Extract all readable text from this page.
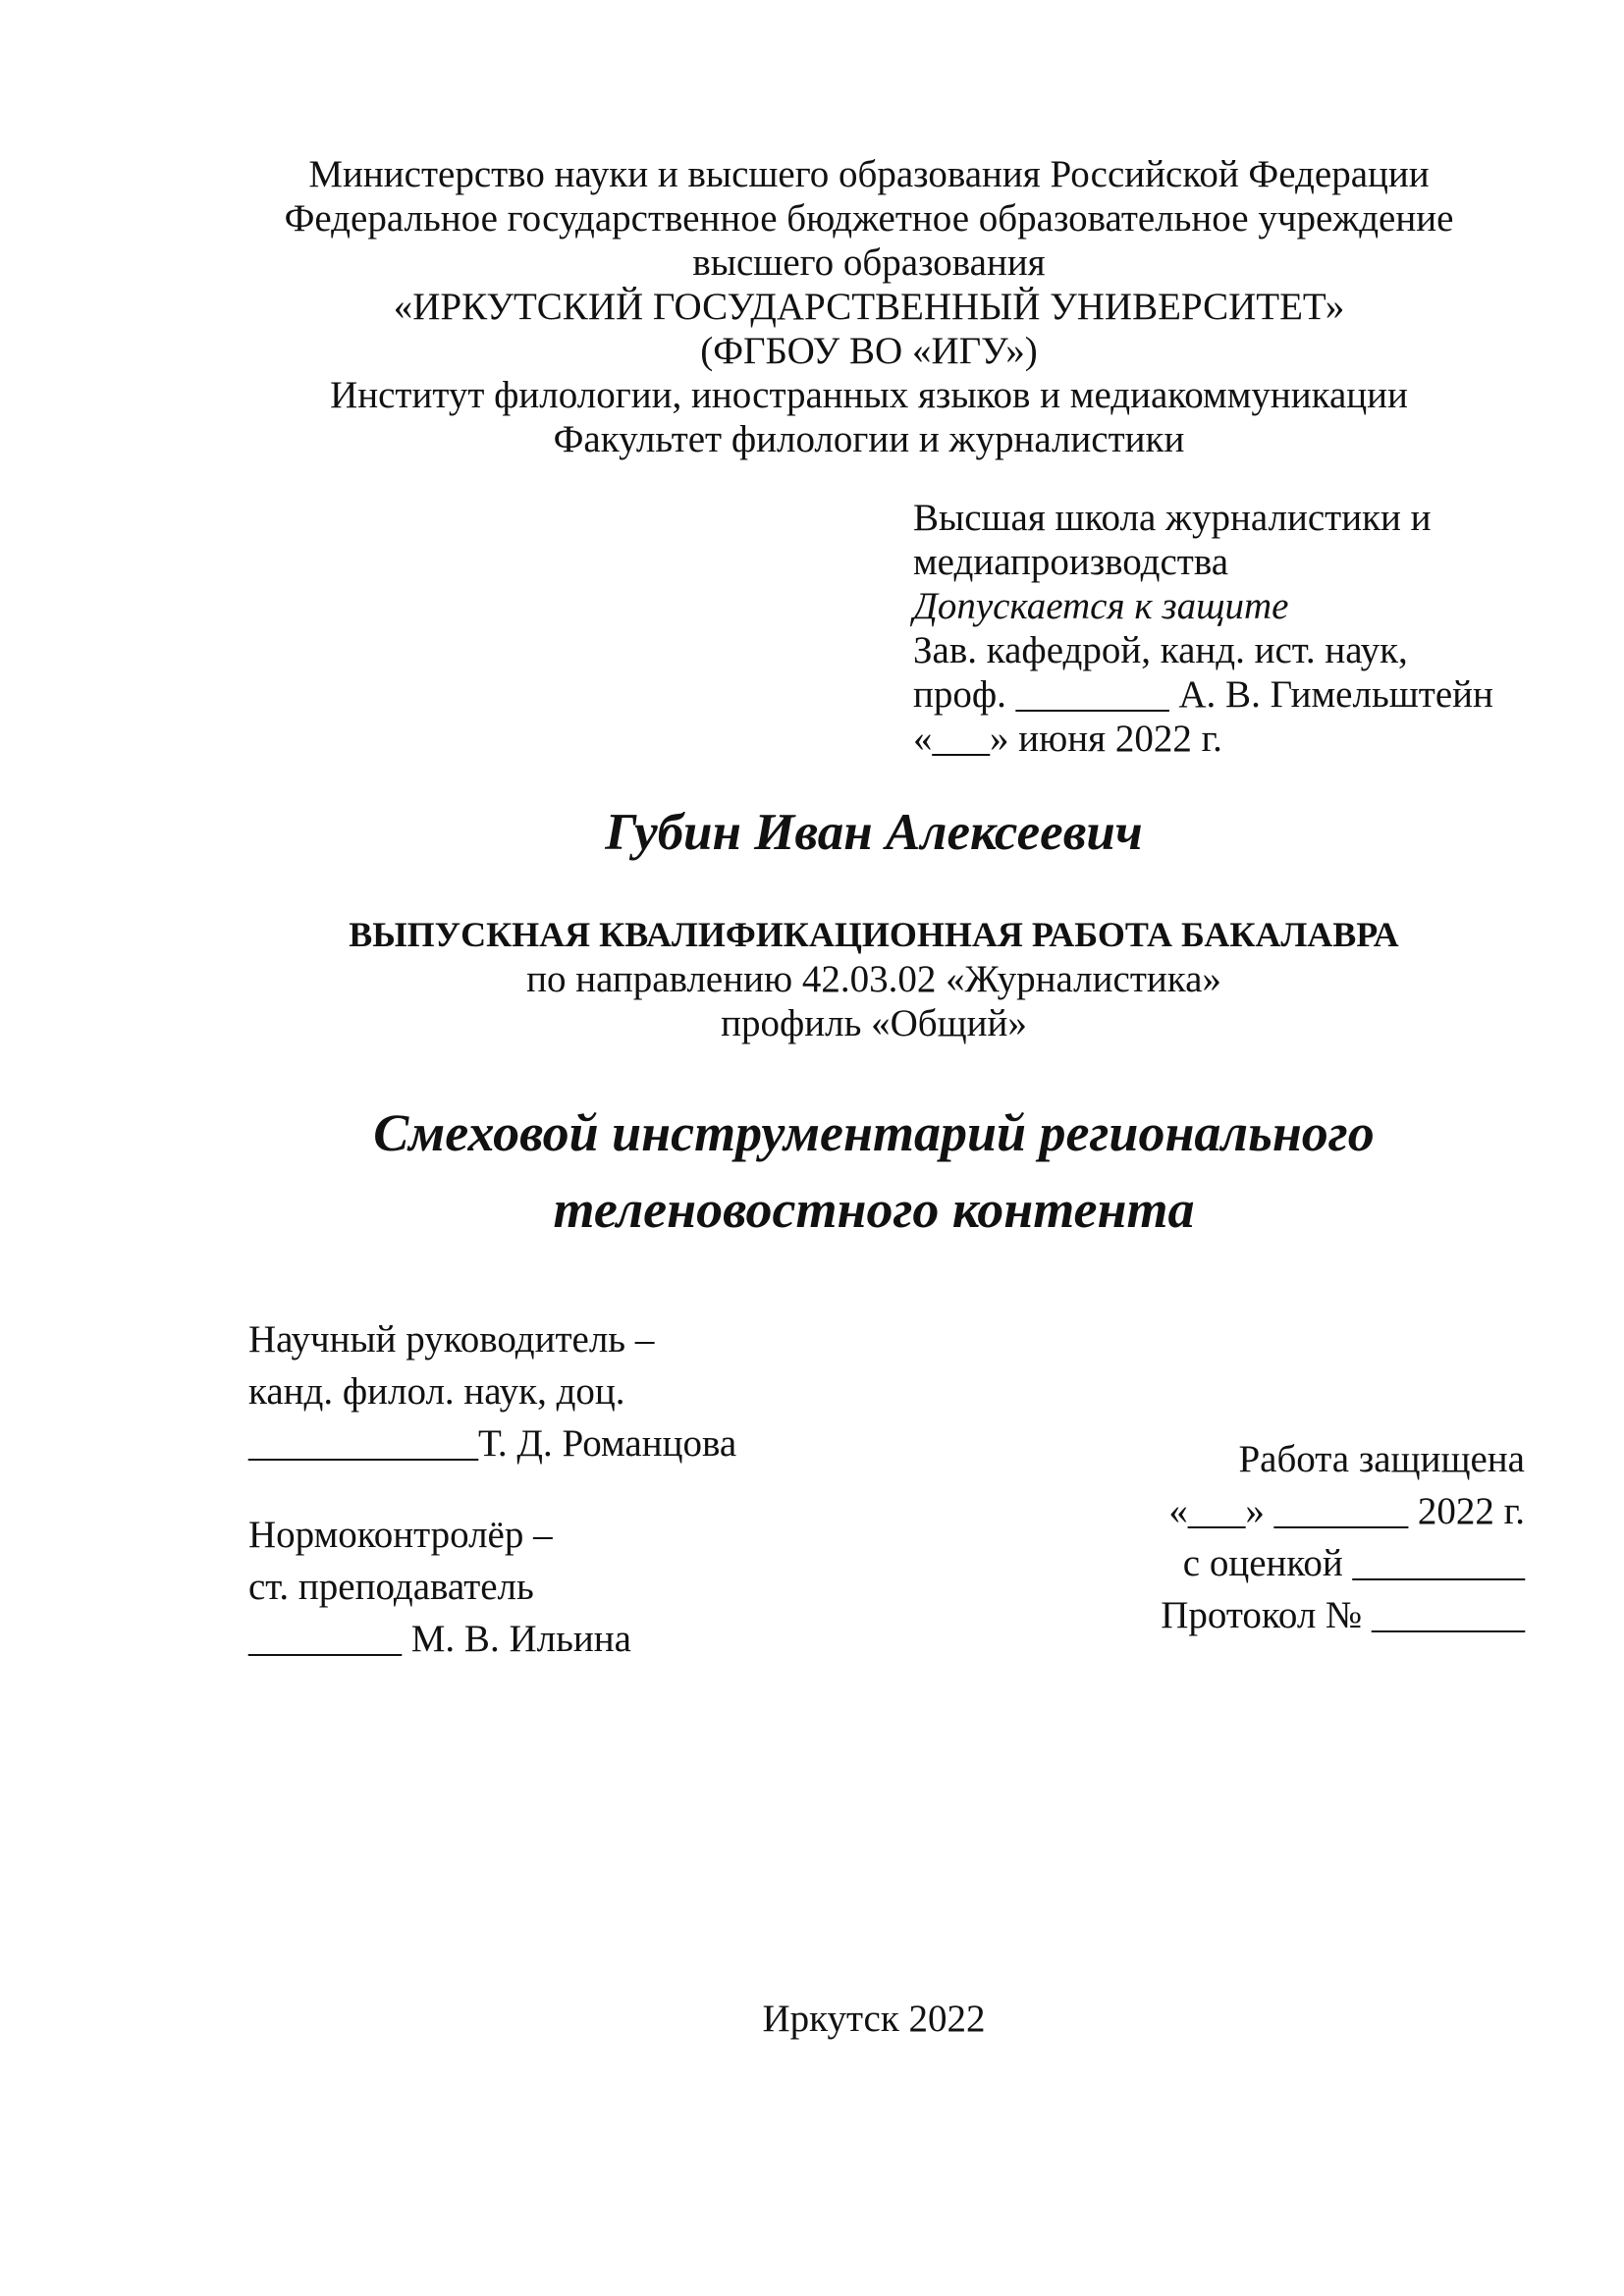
Министерство науки и высшего образования Российской Федерации
Федеральное государственное бюджетное образовательное учреждение
высшего образования
«ИРКУТСКИЙ ГОСУДАРСТВЕННЫЙ УНИВЕРСИТЕТ»
(ФГБОУ ВО «ИГУ»)
Институт филологии, иностранных языков и медиакоммуникации
Факультет филологии и журналистики
Высшая школа журналистики и
медиапроизводства
Допускается к защите
Зав. кафедрой, канд. ист. наук,
проф. ________ А. В. Гимельштейн
«___» июня 2022 г.
Губин Иван Алексеевич
ВЫПУСКНАЯ КВАЛИФИКАЦИОННАЯ РАБОТА БАКАЛАВРА
по направлению 42.03.02 «Журналистика»
профиль «Общий»
Смеховой инструментарий регионального
теленовостного контента
Научный руководитель –
канд. филол. наук, доц.
____________Т. Д. Романцова
Нормоконтролёр –
ст. преподаватель
________ М. В. Ильина
Работа защищена
«___» _______ 2022 г.
с оценкой _________
Протокол № ________
Иркутск 2022
